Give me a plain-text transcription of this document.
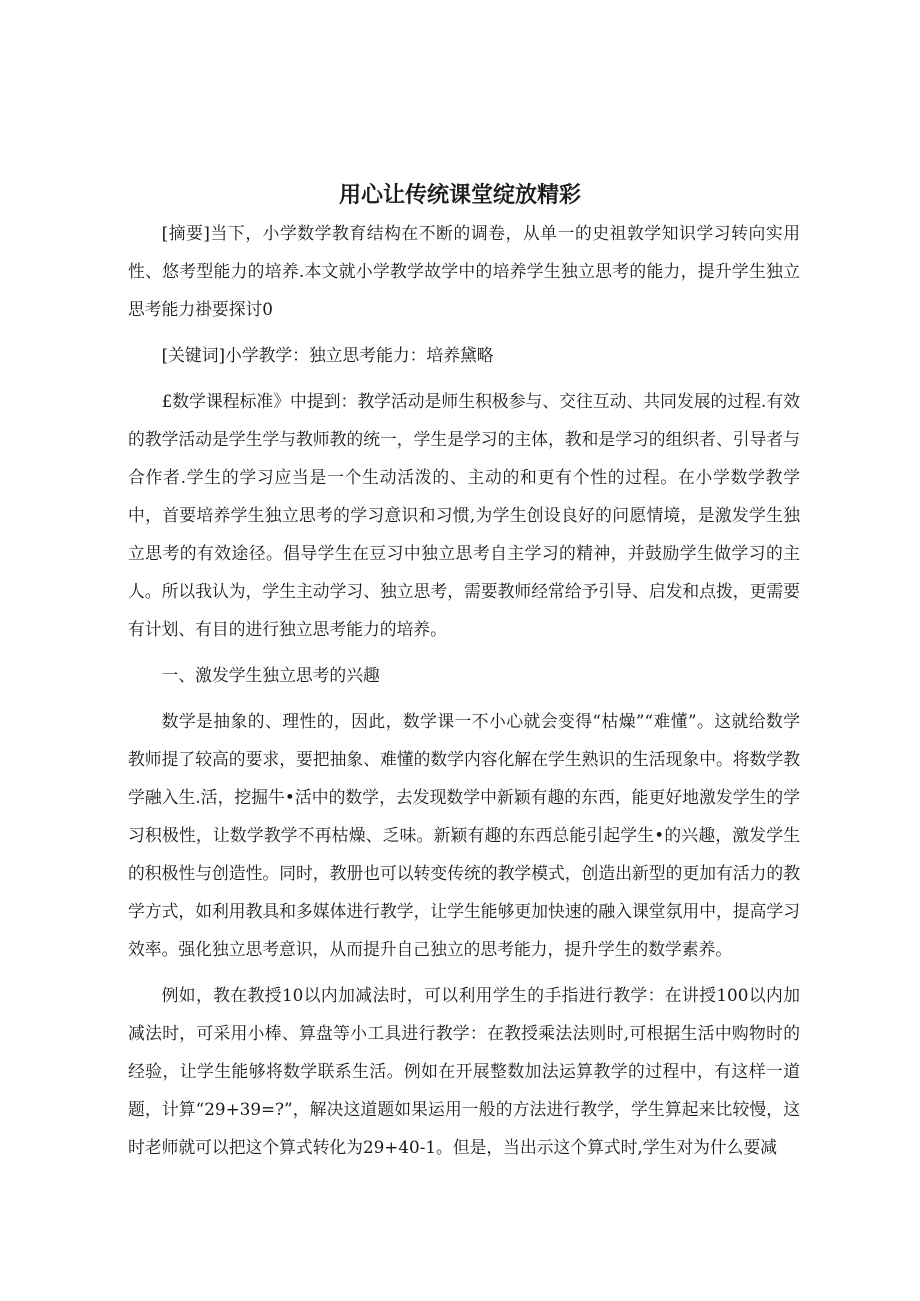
用心让传统课堂绽放精彩

[摘要]当下，小学数学教育结构在不断的调卷，从单一的史祖敦学知识学习转向实用性、悠考型能力的培养.本文就小学教学故学中的培养学生独立思考的能力，提升学生独立思考能力褂要探讨0

[关键词]小学教学：独立思考能力：培养黛略

£数学课程标准》中提到：教学活动是师生积极参与、交往互动、共同发展的过程.有效的教学活动是学生学与教师教的统一，学生是学习的主体，教和是学习的组织者、引导者与合作者.学生的学习应当是一个生动活泼的、主动的和更有个性的过程。在小学数学教学中，首要培养学生独立思考的学习意识和习惯,为学生创设良好的问愿情境，是激发学生独立思考的有效途径。倡导学生在豆习中独立思考自主学习的精神，并鼓励学生做学习的主人。所以我认为，学生主动学习、独立思考，需要教师经常给予引导、启发和点拨，更需要有计划、有目的进行独立思考能力的培养。

一、激发学生独立思考的兴趣

数学是抽象的、理性的，因此，数学课一不小心就会变得“枯燥”“难懂”。这就给数学教师提了较高的要求，要把抽象、难懂的数学内容化解在学生熟识的生活现象中。将数学教学融入生.活，挖掘牛•活中的数学，去发现数学中新颖有趣的东西，能更好地激发学生的学习积极性，让数学教学不再枯燥、乏味。新颖有趣的东西总能引起学生•的兴趣，激发学生的积极性与创造性。同时，教册也可以转变传统的教学模式，创造出新型的更加有活力的教学方式，如利用教具和多媒体进行教学，让学生能够更加快速的融入课堂氛用中，提高学习效率。强化独立思考意识，从而提升自己独立的思考能力，提升学生的数学素养。

例如，教在教授10以内加减法时，可以利用学生的手指进行教学：在讲授100以内加减法时，可采用小棒、算盘等小工具进行教学：在教授乘法法则时,可根据生活中购物时的经验，让学生能够将数学联系生活。例如在开展整数加法运算教学的过程中，有这样一道题，计算“29+39=?”，解决这道题如果运用一般的方法进行教学，学生算起来比较慢，这时老师就可以把这个算式转化为29+40-1。但是，当出示这个算式时,学生对为什么要减
